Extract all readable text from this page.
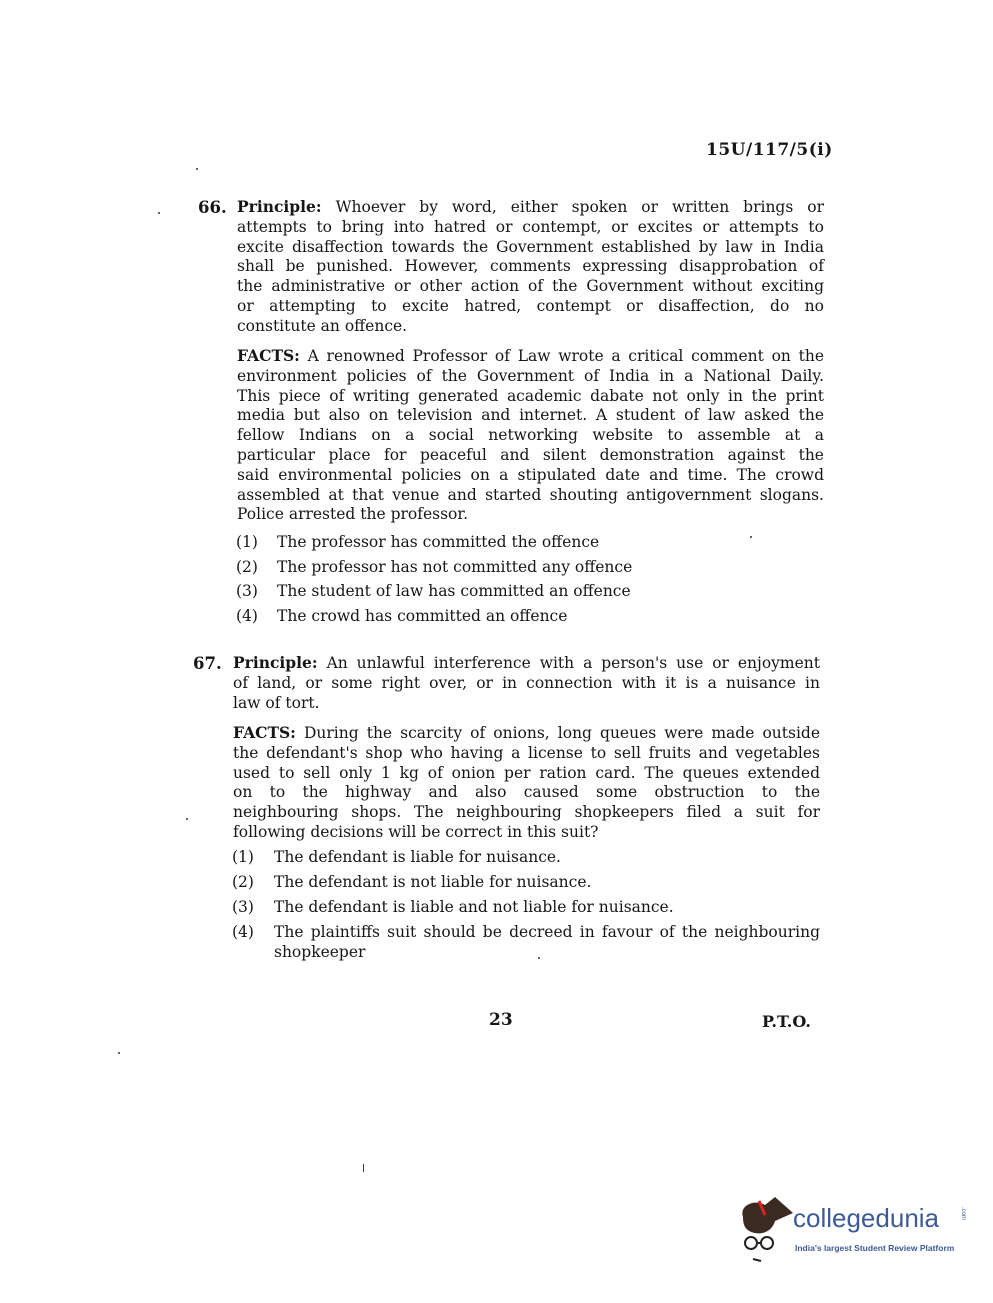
15U/117/5(i)
66. Principle: Whoever by word, either spoken or written brings or
attempts to bring into hatred or contempt, or excites or attempts to
excite disaffection towards the Government established by law in India
shall be punished. However, comments expressing disapprobation of
the administrative or other action of the Government without exciting
or attempting to excite hatred, contempt or disaffection, do no
constitute an offence.
FACTS: A renowned Professor of Law wrote a critical comment on the
environment policies of the Government of India in a National Daily.
This piece of writing generated academic dabate not only in the print
media but also on television and internet. A student of law asked the
fellow Indians on a social networking website to assemble at a
particular place for peaceful and silent demonstration against the
said environmental policies on a stipulated date and time. The crowd
assembled at that venue and started shouting antigovernment slogans.
Police arrested the professor.
(1) The professor has committed the offence
(2) The professor has not committed any offence
(3) The student of law has committed an offence
(4) The crowd has committed an offence
67. Principle: An unlawful interference with a person's use or enjoyment
of land, or some right over, or in connection with it is a nuisance in
law of tort.
FACTS: During the scarcity of onions, long queues were made outside
the defendant's shop who having a license to sell fruits and vegetables
used to sell only 1 kg of onion per ration card. The queues extended
on to the highway and also caused some obstruction to the
neighbouring shops. The neighbouring shopkeepers filed a suit for
following decisions will be correct in this suit?
(1) The defendant is liable for nuisance.
(2) The defendant is not liable for nuisance.
(3) The defendant is liable and not liable for nuisance.
(4) The plaintiffs suit should be decreed in favour of the neighbouring
shopkeeper
23	P.T.O.
collegedunia	.com
India's largest Student Review Platform
